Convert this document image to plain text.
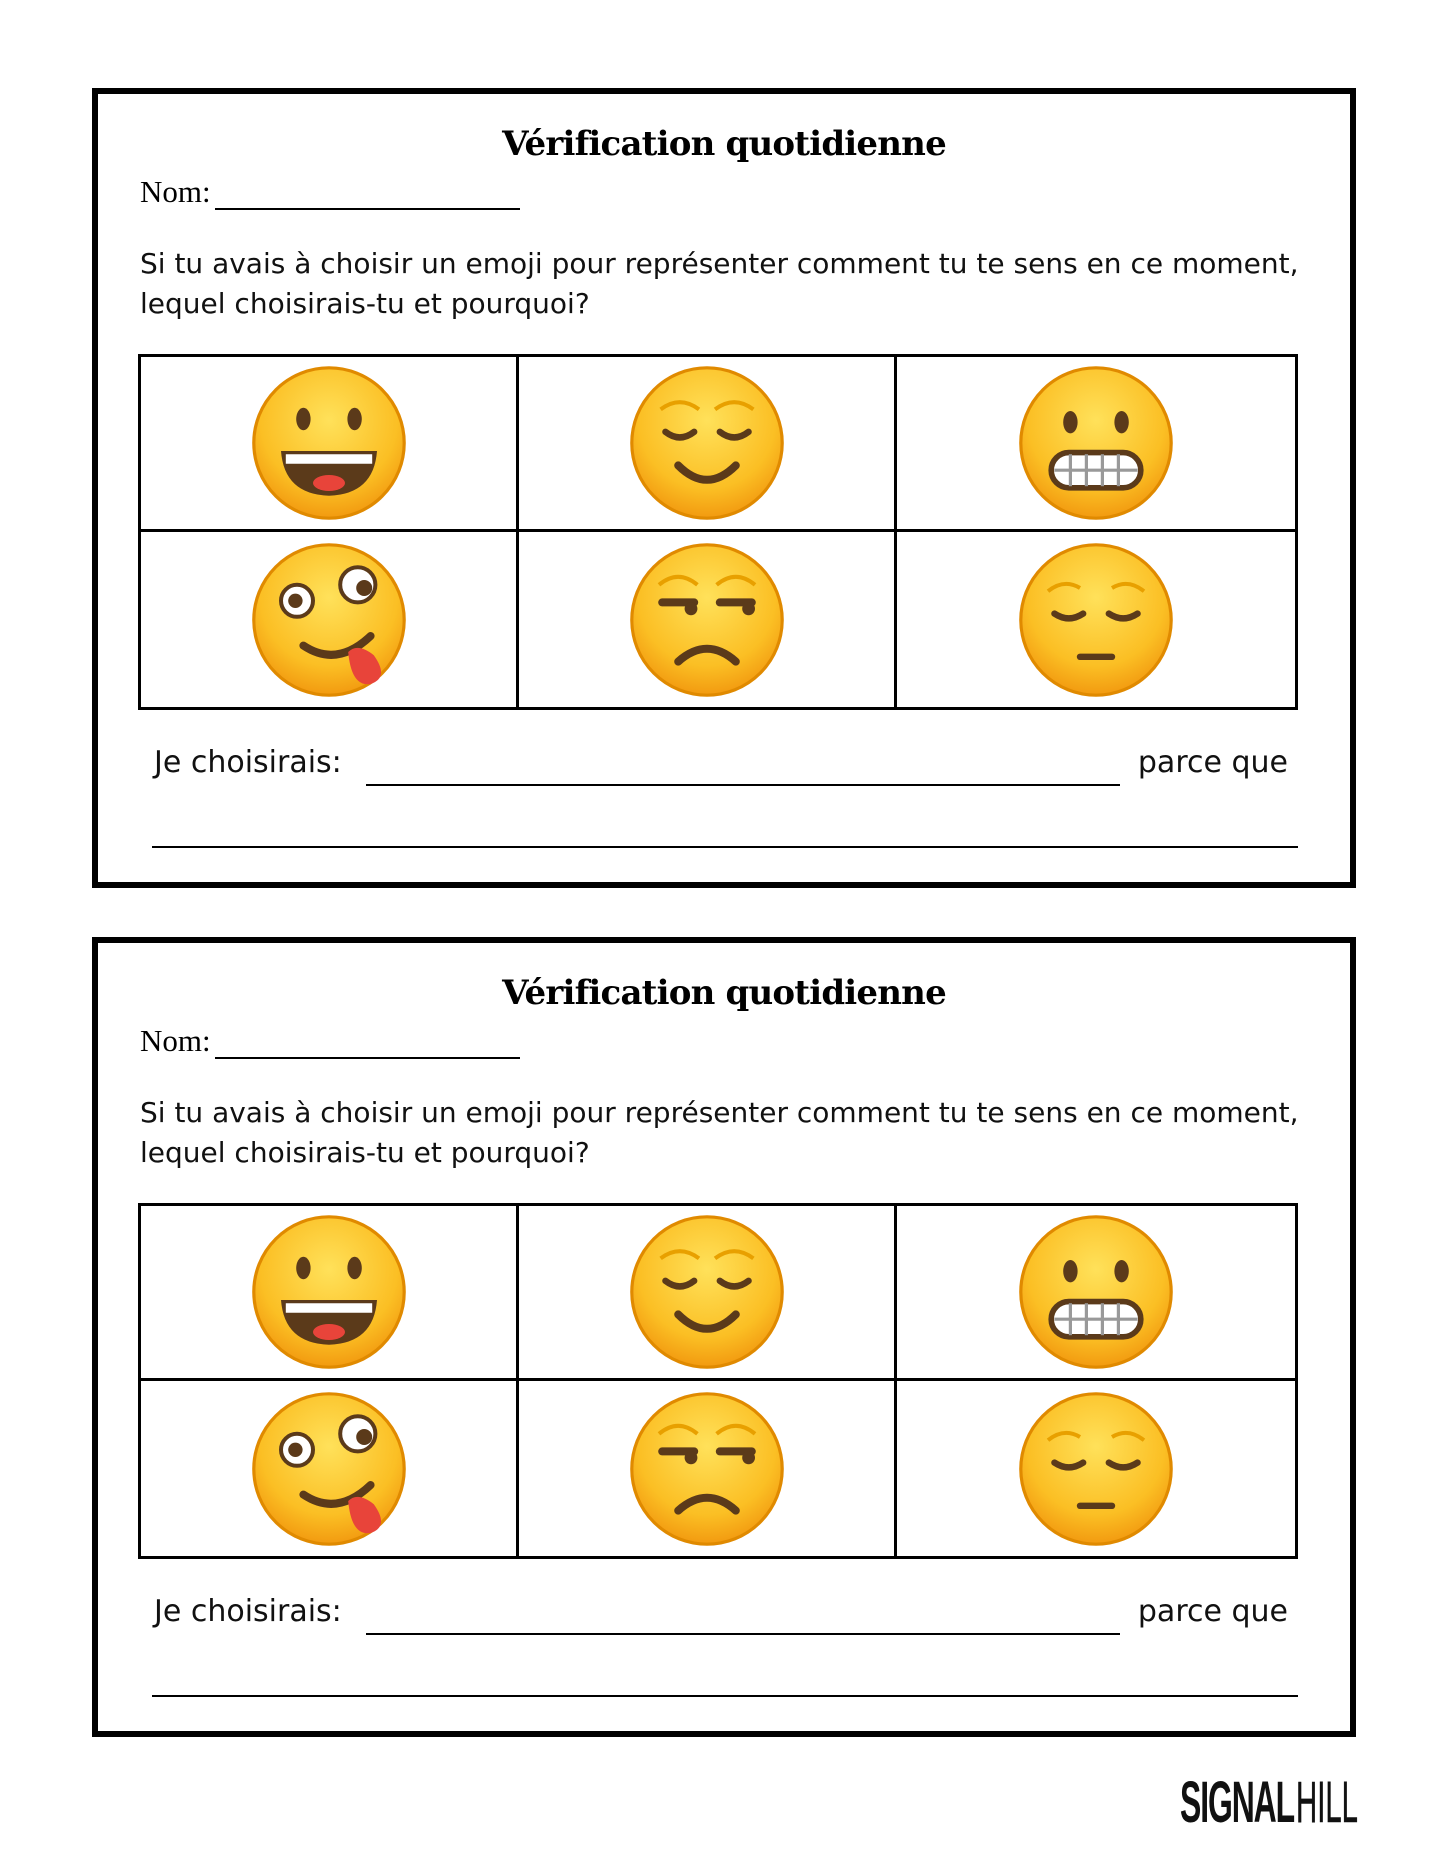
Vérification quotidienne
Nom:
Si tu avais à choisir un emoji pour représenter comment tu te sens en ce moment, lequel choisirais-tu et pourquoi?
Je choisirais:	parce que
Vérification quotidienne
Nom:
Si tu avais à choisir un emoji pour représenter comment tu te sens en ce moment, lequel choisirais-tu et pourquoi?
Je choisirais:	parce que
SIGNAL HILL
